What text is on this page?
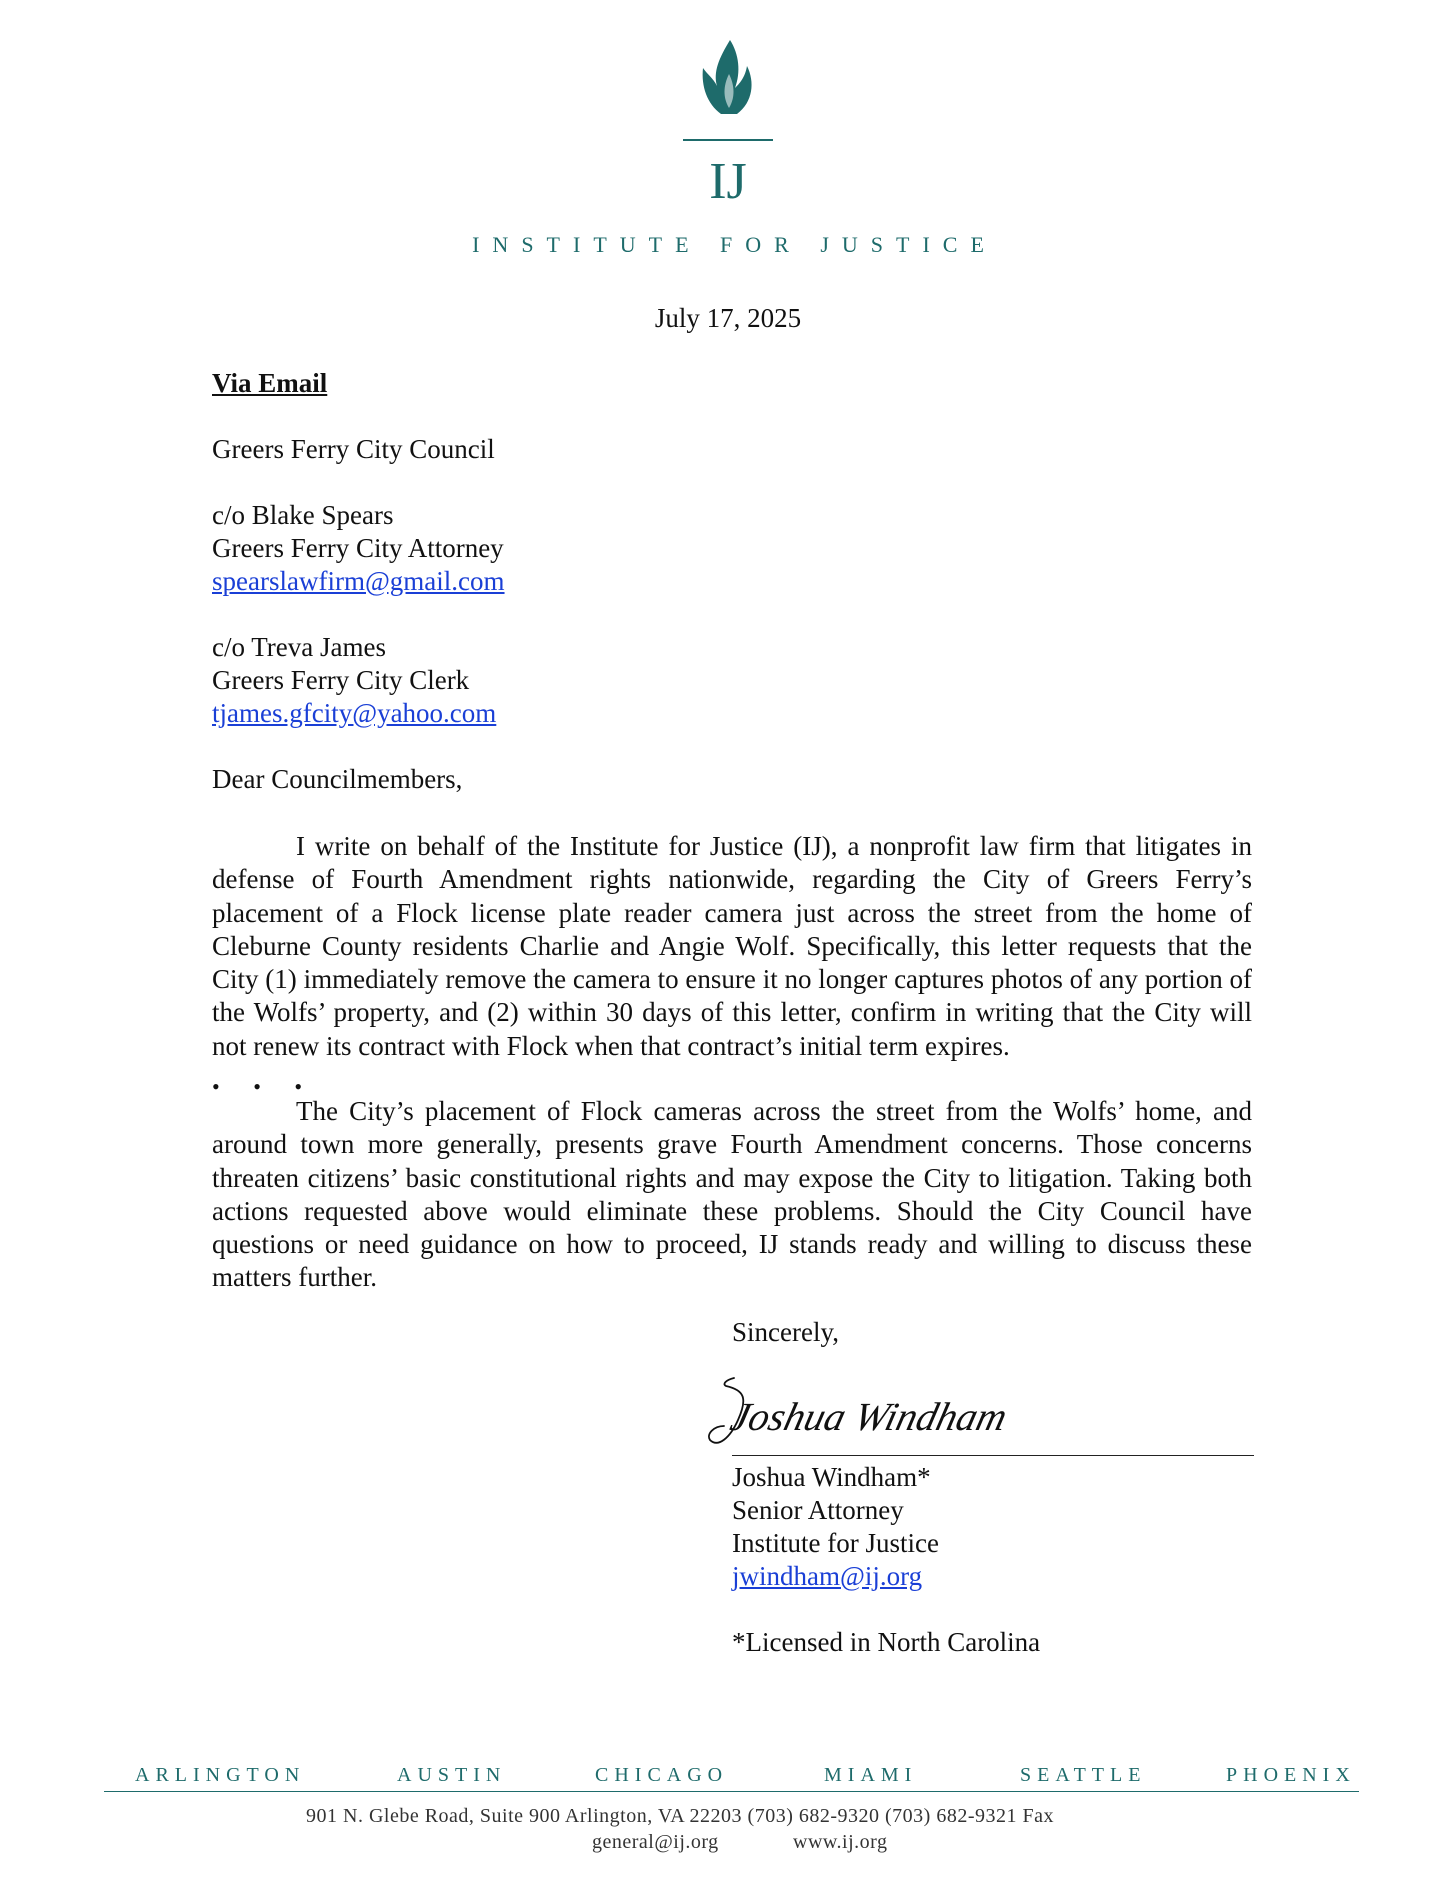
IJ
INSTITUTE FOR JUSTICE
July 17, 2025
Via Email
Greers Ferry City Council
c/o Blake Spears
Greers Ferry City Attorney
spearslawfirm@gmail.com
c/o Treva James
Greers Ferry City Clerk
tjames.gfcity@yahoo.com
Dear Councilmembers,

I write on behalf of the Institute for Justice (IJ), a nonprofit law firm that litigates in defense of Fourth Amendment rights nationwide, regarding the City of Greers Ferry’s placement of a Flock license plate reader camera just across the street from the home of Cleburne County residents Charlie and Angie Wolf. Specifically, this letter requests that the City (1) immediately remove the camera to ensure it no longer captures photos of any portion of the Wolfs’ property, and (2) within 30 days of this letter, confirm in writing that the City will not renew its contract with Flock when that contract’s initial term expires.

• • •

The City’s placement of Flock cameras across the street from the Wolfs’ home, and around town more generally, presents grave Fourth Amendment concerns. Those concerns threaten citizens’ basic constitutional rights and may expose the City to litigation. Taking both actions requested above would eliminate these problems. Should the City Council have questions or need guidance on how to proceed, IJ stands ready and willing to discuss these matters further.

Sincerely,
Joshua Windham
Joshua Windham*
Senior Attorney
Institute for Justice
jwindham@ij.org
*Licensed in North Carolina
ARLINGTON	AUSTIN	CHICAGO	MIAMI	SEATTLE	PHOENIX
901 N. Glebe Road, Suite 900 Arlington, VA 22203 (703) 682-9320 (703) 682-9321 Fax
general@ij.org	www.ij.org
